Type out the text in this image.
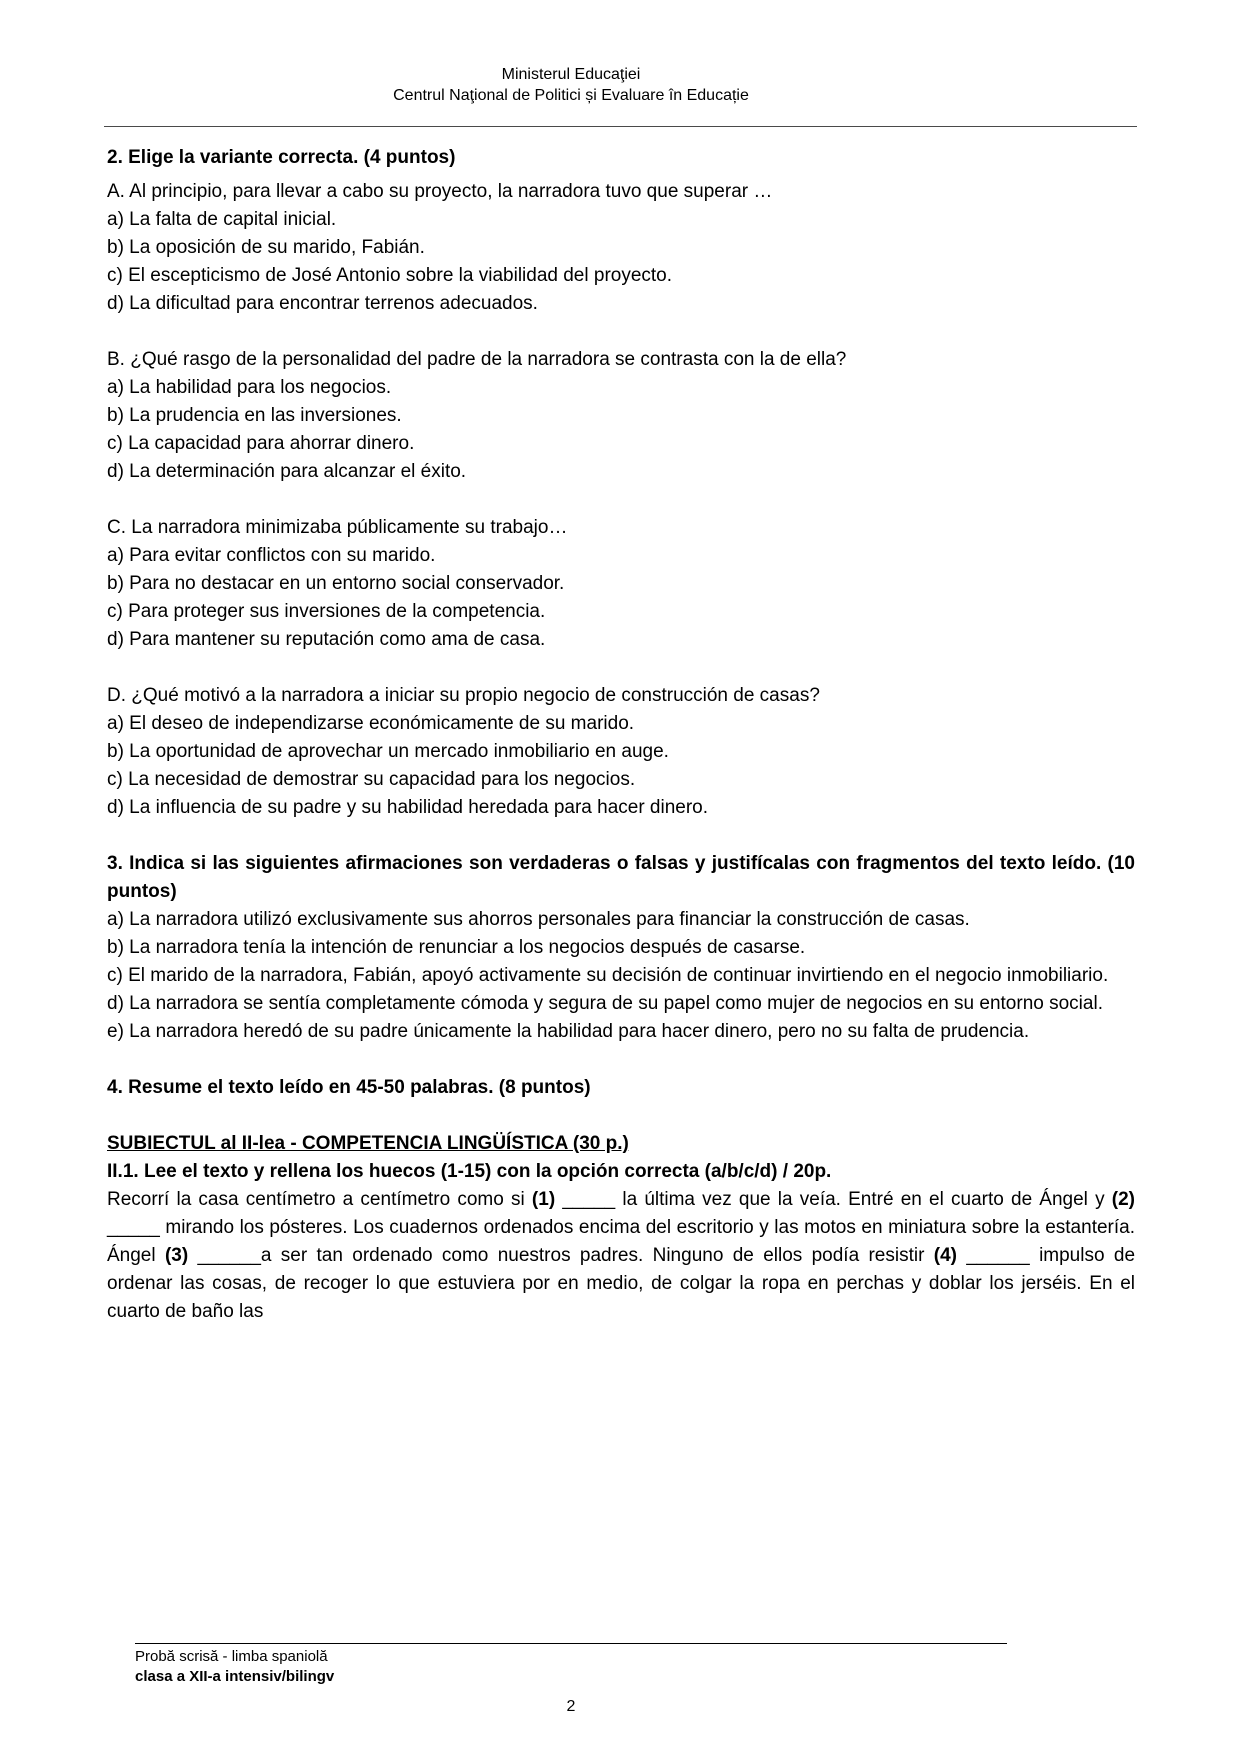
Ministerul Educaţiei
Centrul Naţional de Politici și Evaluare în Educație

2. Elige la variante correcta. (4 puntos)

A. Al principio, para llevar a cabo su proyecto, la narradora tuvo que superar …

a) La falta de capital inicial.

b) La oposición de su marido, Fabián.

c) El escepticismo de José Antonio sobre la viabilidad del proyecto.

d) La dificultad para encontrar terrenos adecuados.

B. ¿Qué rasgo de la personalidad del padre de la narradora se contrasta con la de ella?

a) La habilidad para los negocios.

b) La prudencia en las inversiones.

c) La capacidad para ahorrar dinero.

d) La determinación para alcanzar el éxito.

C. La narradora minimizaba públicamente su trabajo…

a) Para evitar conflictos con su marido.

b) Para no destacar en un entorno social conservador.

c) Para proteger sus inversiones de la competencia.

d) Para mantener su reputación como ama de casa.

D. ¿Qué motivó a la narradora a iniciar su propio negocio de construcción de casas?

a) El deseo de independizarse económicamente de su marido.

b) La oportunidad de aprovechar un mercado inmobiliario en auge.

c) La necesidad de demostrar su capacidad para los negocios.

d) La influencia de su padre y su habilidad heredada para hacer dinero.

3. Indica si las siguientes afirmaciones son verdaderas o falsas y justifícalas con fragmentos del texto leído. (10 puntos)

a) La narradora utilizó exclusivamente sus ahorros personales para financiar la construcción de casas.

b) La narradora tenía la intención de renunciar a los negocios después de casarse.

c) El marido de la narradora, Fabián, apoyó activamente su decisión de continuar invirtiendo en el negocio inmobiliario.

d) La narradora se sentía completamente cómoda y segura de su papel como mujer de negocios en su entorno social.

e) La narradora heredó de su padre únicamente la habilidad para hacer dinero, pero no su falta de prudencia.

4. Resume el texto leído en 45-50 palabras. (8 puntos)

SUBIECTUL al II-lea - COMPETENCIA LINGÜÍSTICA (30 p.)

II.1. Lee el texto y rellena los huecos (1-15) con la opción correcta (a/b/c/d) / 20p.

Recorrí la casa centímetro a centímetro como si (1) _____ la última vez que la veía. Entré en el cuarto de Ángel y (2) _____ mirando los pósteres. Los cuadernos ordenados encima del escritorio y las motos en miniatura sobre la estantería. Ángel (3) ______a ser tan ordenado como nuestros padres. Ninguno de ellos podía resistir (4) ______ impulso de ordenar las cosas, de recoger lo que estuviera por en medio, de colgar la ropa en perchas y doblar los jerséis. En el cuarto de baño las

Probă scrisă - limba spaniolă
clasa a XII-a intensiv/bilingv
2
